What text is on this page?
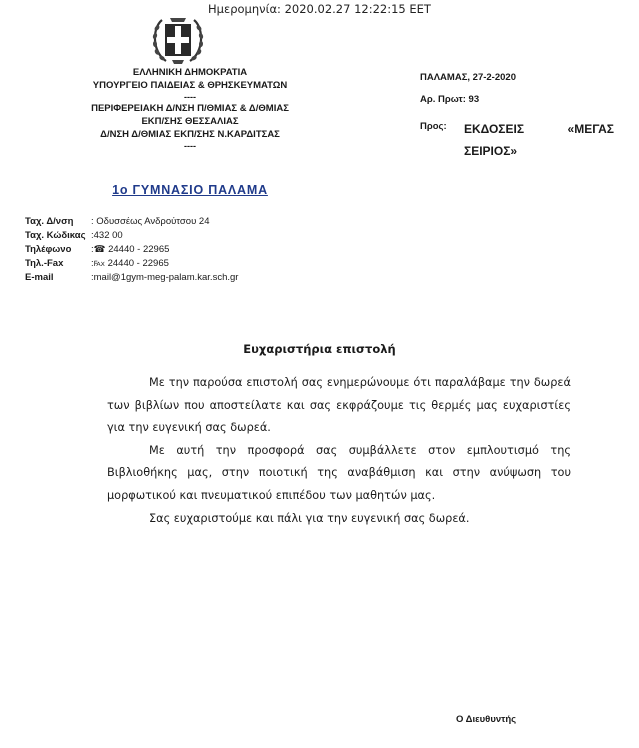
Ημερομηνία: 2020.02.27 12:22:15 EET
ΕΛΛΗΝΙΚΗ ΔΗΜΟΚΡΑΤΙΑ
ΥΠΟΥΡΓΕΙΟ ΠΑΙΔΕΙΑΣ & ΘΡΗΣΚΕΥΜΑΤΩΝ
----
ΠΕΡΙΦΕΡΕΙΑΚΗ Δ/ΝΣΗ Π/ΘΜΙΑΣ & Δ/ΘΜΙΑΣ
ΕΚΠ/ΣΗΣ ΘΕΣΣΑΛΙΑΣ
Δ/ΝΣΗ Δ/ΘΜΙΑΣ ΕΚΠ/ΣΗΣ Ν.ΚΑΡΔΙΤΣΑΣ
----
1ο ΓΥΜΝΑΣΙΟ ΠΑΛΑΜΑ
Ταχ. Δ/νση	: Οδυσσέως Ανδρούτσου 24
Ταχ. Κώδικας :432 00
Τηλέφωνο	:☎ 24440 - 22965
Τηλ.-Fax	:℻ 24440 - 22965
E-mail	:mail@1gym-meg-palam.kar.sch.gr
ΠΑΛΑΜΑΣ, 27-2-2020
Αρ. Πρωτ: 93
Προς:	ΕΚΔΟΣΕΙΣ	«ΜΕΓΑΣ
ΣΕΙΡΙΟΣ»
Ευχαριστήρια επιστολή

Με την παρούσα επιστολή σας ενημερώνουμε ότι παραλάβαμε την δωρεά των βιβλίων που αποστείλατε και σας εκφράζουμε τις θερμές μας ευχαριστίες για την ευγενική σας δωρεά.

Με αυτή την προσφορά σας συμβάλλετε στον εμπλουτισμό της Βιβλιοθήκης μας, στην ποιοτική της αναβάθμιση και στην ανύψωση του μορφωτικού και πνευματικού επιπέδου των μαθητών μας.

Σας ευχαριστούμε και πάλι για την ευγενική σας δωρεά.

Ο Διευθυντής
